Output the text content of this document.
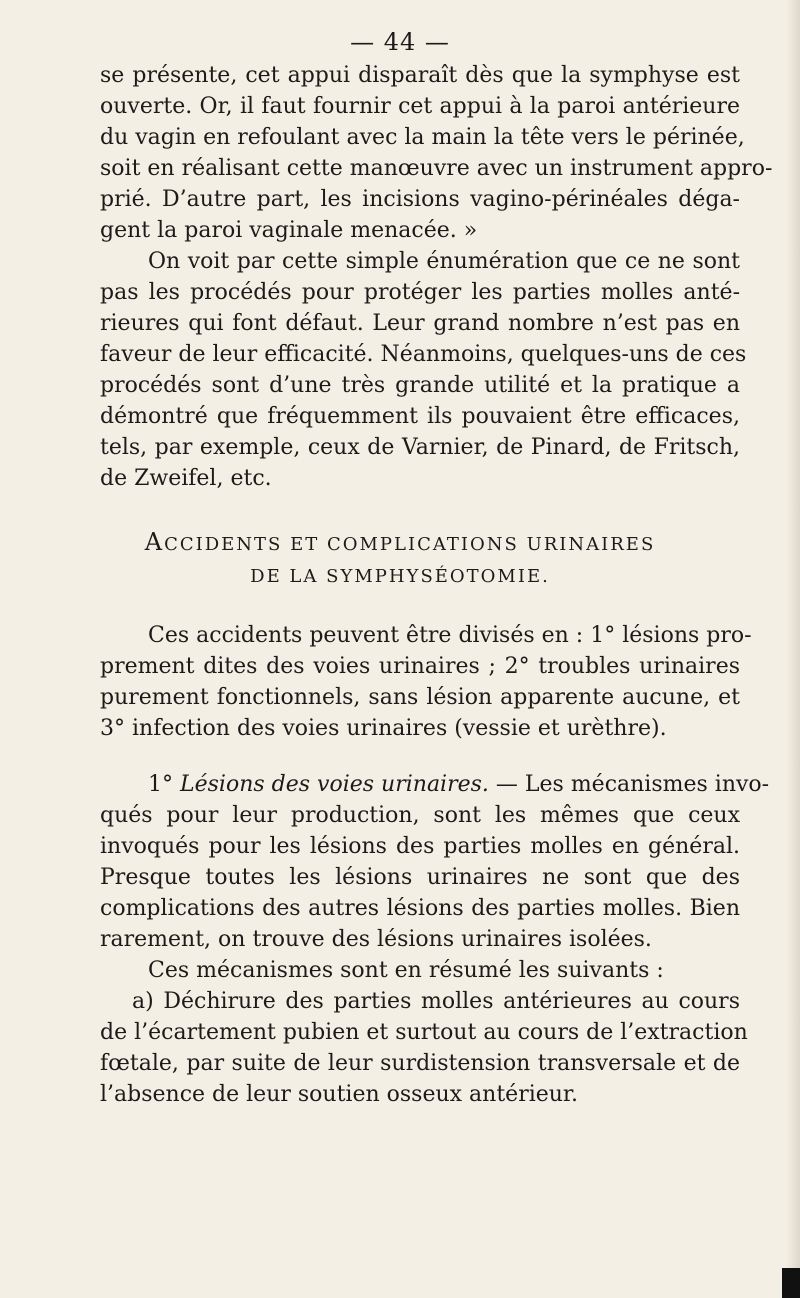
— 44 —
se présente, cet appui disparaît dès que la symphyse est
ouverte. Or, il faut fournir cet appui à la paroi antérieure
du vagin en refoulant avec la main la tête vers le périnée,
soit en réalisant cette manœuvre avec un instrument appro-
prié. D’autre part, les incisions vagino-périnéales déga-
gent la paroi vaginale menacée. »
On voit par cette simple énumération que ce ne sont
pas les procédés pour protéger les parties molles anté-
rieures qui font défaut. Leur grand nombre n’est pas en
faveur de leur efficacité. Néanmoins, quelques-uns de ces
procédés sont d’une très grande utilité et la pratique a
démontré que fréquemment ils pouvaient être efficaces,
tels, par exemple, ceux de Varnier, de Pinard, de Fritsch,
de Zweifel, etc.
ACCIDENTS ET COMPLICATIONS URINAIRES
DE LA SYMPHYSÉOTOMIE.
Ces accidents peuvent être divisés en : 1° lésions pro-
prement dites des voies urinaires ; 2° troubles urinaires
purement fonctionnels, sans lésion apparente aucune, et
3° infection des voies urinaires (vessie et urèthre).
1° Lésions des voies urinaires. — Les mécanismes invo-
qués pour leur production, sont les mêmes que ceux
invoqués pour les lésions des parties molles en général.
Presque toutes les lésions urinaires ne sont que des
complications des autres lésions des parties molles. Bien
rarement, on trouve des lésions urinaires isolées.
Ces mécanismes sont en résumé les suivants :
a) Déchirure des parties molles antérieures au cours
de l’écartement pubien et surtout au cours de l’extraction
fœtale, par suite de leur surdistension transversale et de
l’absence de leur soutien osseux antérieur.
